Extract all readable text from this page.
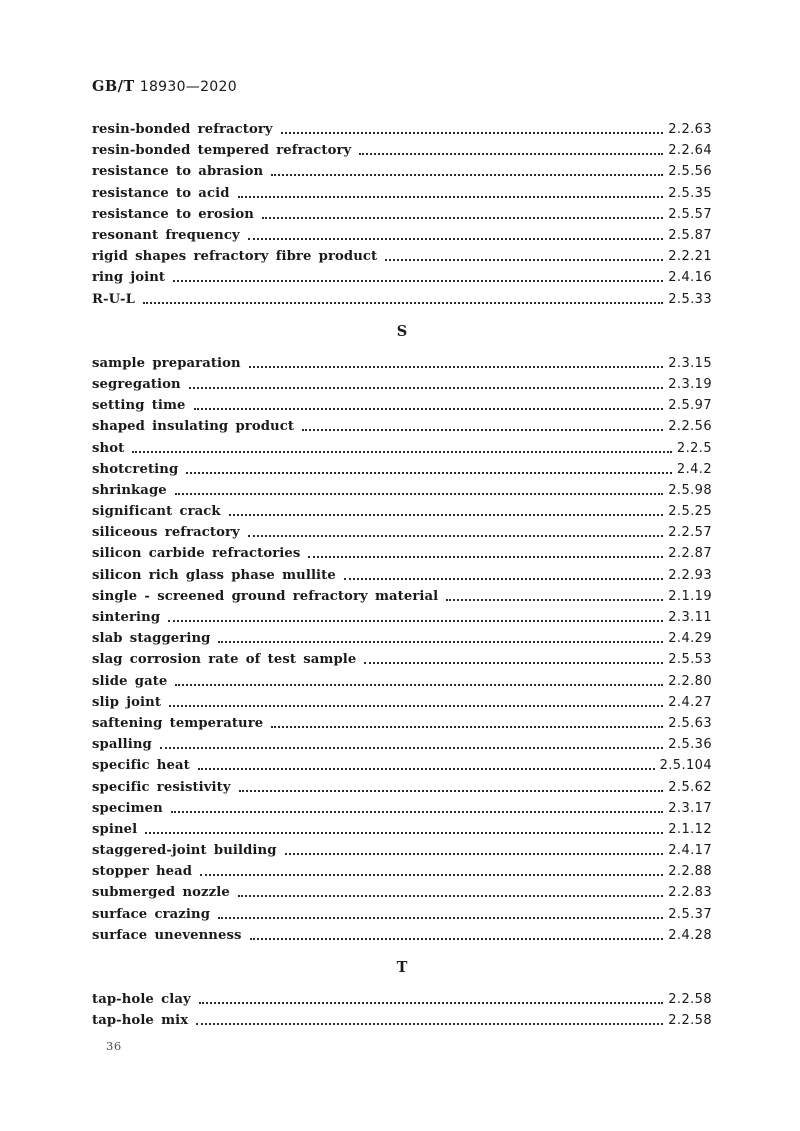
GB/T 18930—2020
resin-bonded refractory	2.2.63
resin-bonded tempered refractory	2.2.64
resistance to abrasion	2.5.56
resistance to acid	2.5.35
resistance to erosion	2.5.57
resonant frequency	2.5.87
rigid shapes refractory fibre product	2.2.21
ring joint	2.4.16
R-U-L	2.5.33
S
sample preparation	2.3.15
segregation	2.3.19
setting time	2.5.97
shaped insulating product	2.2.56
shot	2.2.5
shotcreting	2.4.2
shrinkage	2.5.98
significant crack	2.5.25
siliceous refractory	2.2.57
silicon carbide refractories	2.2.87
silicon rich glass phase mullite	2.2.93
single - screened ground refractory material	2.1.19
sintering	2.3.11
slab staggering	2.4.29
slag corrosion rate of test sample	2.5.53
slide gate	2.2.80
slip joint	2.4.27
saftening temperature	2.5.63
spalling	2.5.36
specific heat	2.5.104
specific resistivity	2.5.62
specimen	2.3.17
spinel	2.1.12
staggered-joint building	2.4.17
stopper head	2.2.88
submerged nozzle	2.2.83
surface crazing	2.5.37
surface unevenness	2.4.28
T
tap-hole clay	2.2.58
tap-hole mix	2.2.58
36
